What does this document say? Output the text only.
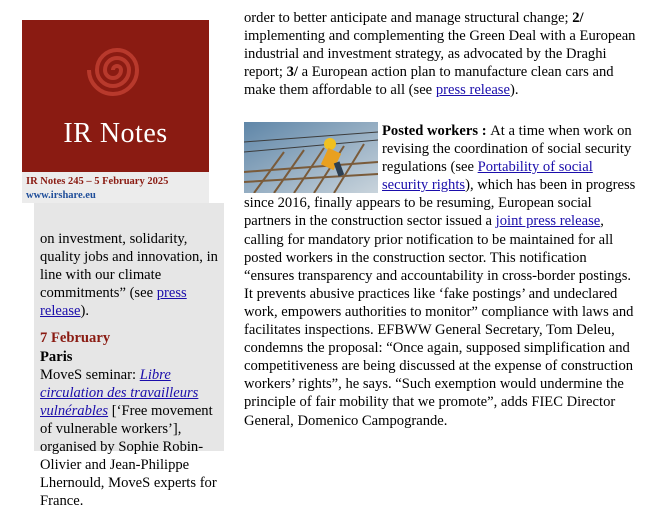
IR Notes
IR Notes 245 – 5 February 2025
www.irshare.eu

on investment, solidarity, quality jobs and innovation, in line with our climate commitments” (see press release).

7 February

Paris

MoveS seminar: Libre circulation des travailleurs vulnérables [‘Free movement of vulnerable workers’], organised by Sophie Robin-Olivier and Jean-Philippe Lhernould, MoveS experts for France.

order to better anticipate and manage structural change; 2/ implementing and complementing the Green Deal with a European industrial and investment strategy, as advocated by the Draghi report; 3/ a European action plan to manufacture clean cars and make them affordable to all (see press release).

Posted workers : At a time when work on revising the coordination of social security regulations (see Portability of social security rights), which has been in progress since 2016, finally appears to be resuming, European social partners in the construction sector issued a joint press release, calling for mandatory prior notification to be maintained for all posted workers in the construction sector. This notification “ensures transparency and accountability in cross-border postings. It prevents abusive practices like ‘fake postings’ and undeclared work, empowers authorities to monitor” compliance with laws and facilitates inspections. EFBWW General Secretary, Tom Deleu, condemns the proposal: “Once again, supposed simplification and competitiveness are being discussed at the expense of construction workers’ rights”, he says. “Such exemption would undermine the principle of fair mobility that we promote”, adds FIEC Director General, Domenico Campogrande.
